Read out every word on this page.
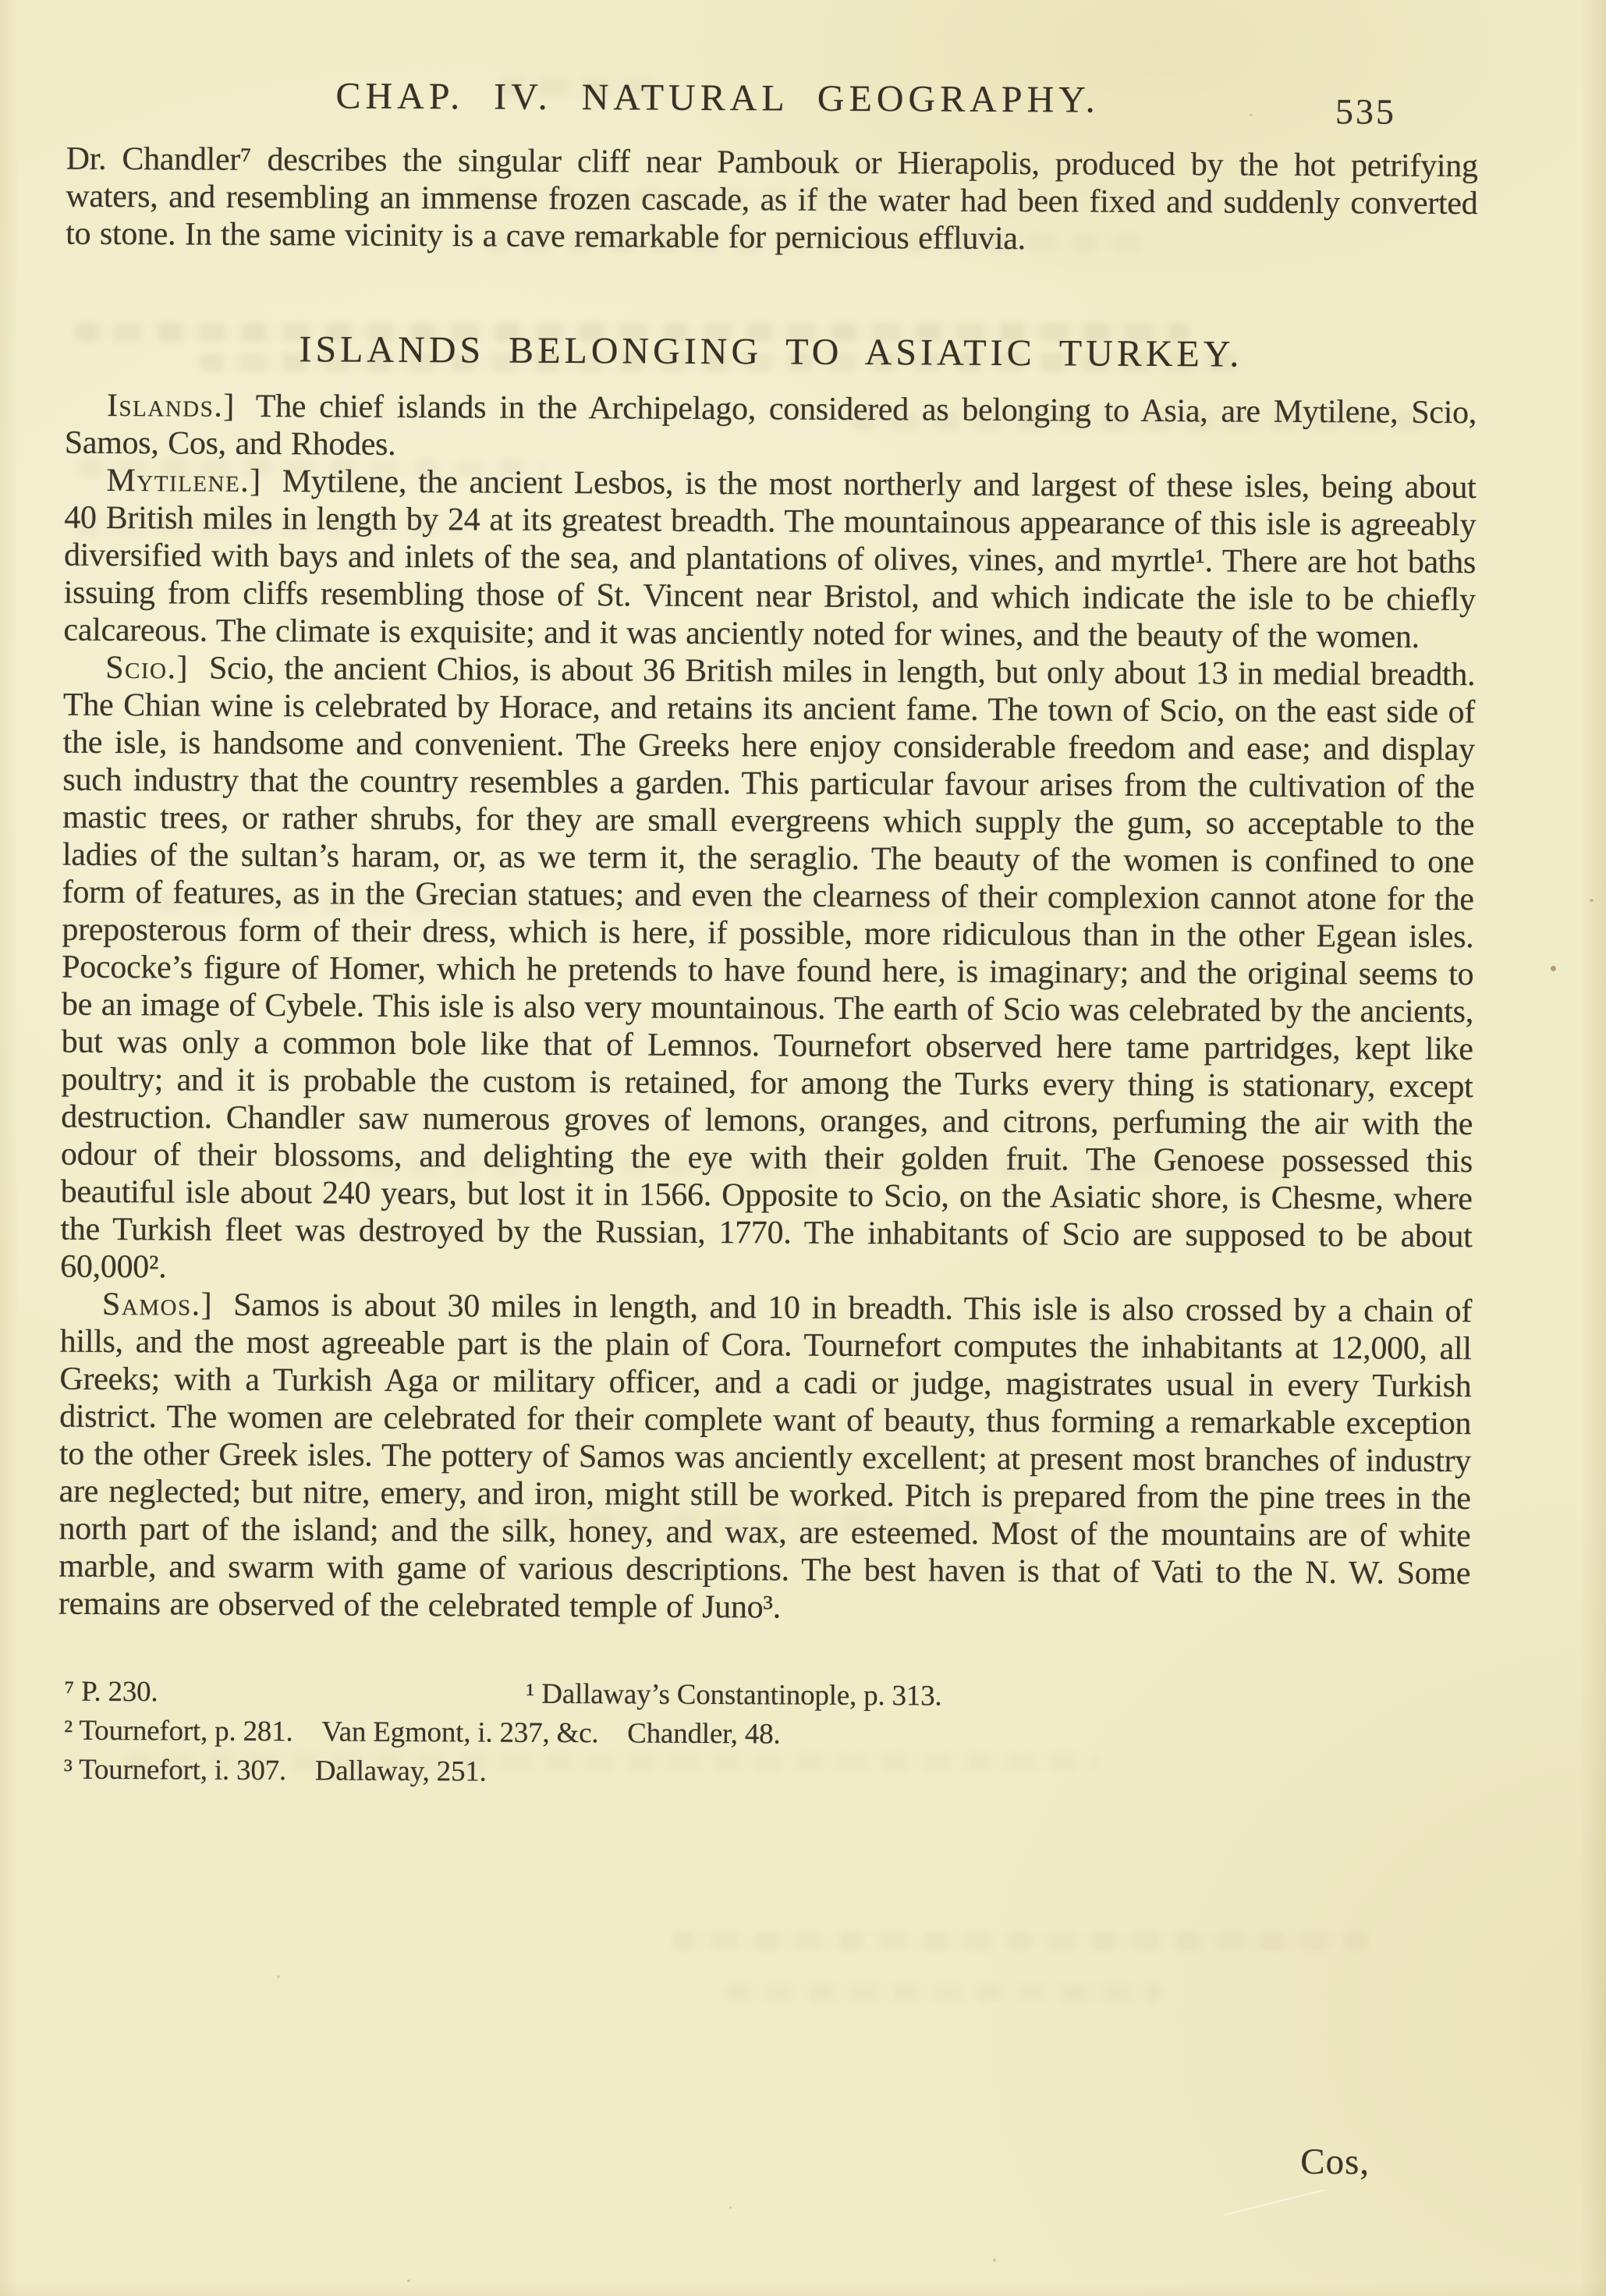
CHAP. IV. NATURAL GEOGRAPHY.	535

Dr. Chandler⁷ describes the singular cliff near Pambouk or Hierapolis, produced by the hot petrifying waters, and resembling an immense frozen cascade, as if the water had been fixed and suddenly converted to stone. In the same vicinity is a cave remarkable for pernicious effluvia.

ISLANDS BELONGING TO ASIATIC TURKEY.

Islands.] The chief islands in the Archipelago, considered as belonging to Asia, are Mytilene, Scio, Samos, Cos, and Rhodes.

Mytilene.] Mytilene, the ancient Lesbos, is the most northerly and largest of these isles, being about 40 British miles in length by 24 at its greatest breadth. The mountainous appearance of this isle is agreeably diversified with bays and inlets of the sea, and plantations of olives, vines, and myrtle¹. There are hot baths issuing from cliffs resembling those of St. Vincent near Bristol, and which indicate the isle to be chiefly calcareous. The climate is exquisite; and it was anciently noted for wines, and the beauty of the women.

Scio.] Scio, the ancient Chios, is about 36 British miles in length, but only about 13 in medial breadth. The Chian wine is celebrated by Horace, and retains its ancient fame. The town of Scio, on the east side of the isle, is handsome and convenient. The Greeks here enjoy considerable freedom and ease; and display such industry that the country resembles a garden. This particular favour arises from the cultivation of the mastic trees, or rather shrubs, for they are small evergreens which supply the gum, so acceptable to the ladies of the sultan’s haram, or, as we term it, the seraglio. The beauty of the women is confined to one form of features, as in the Grecian statues; and even the clearness of their complexion cannot atone for the preposterous form of their dress, which is here, if possible, more ridiculous than in the other Egean isles. Pococke’s figure of Homer, which he pretends to have found here, is imaginary; and the original seems to be an image of Cybele. This isle is also very mountainous. The earth of Scio was celebrated by the ancients, but was only a common bole like that of Lemnos. Tournefort observed here tame partridges, kept like poultry; and it is probable the custom is retained, for among the Turks every thing is stationary, except destruction. Chandler saw numerous groves of lemons, oranges, and citrons, perfuming the air with the odour of their blossoms, and delighting the eye with their golden fruit. The Genoese possessed this beautiful isle about 240 years, but lost it in 1566. Opposite to Scio, on the Asiatic shore, is Chesme, where the Turkish fleet was destroyed by the Russian, 1770. The inhabitants of Scio are supposed to be about 60,000².

Samos.] Samos is about 30 miles in length, and 10 in breadth. This isle is also crossed by a chain of hills, and the most agreeable part is the plain of Cora. Tournefort computes the inhabitants at 12,000, all Greeks; with a Turkish Aga or military officer, and a cadi or judge, magistrates usual in every Turkish district. The women are celebrated for their complete want of beauty, thus forming a remarkable exception to the other Greek isles. The pottery of Samos was anciently excellent; at present most branches of industry are neglected; but nitre, emery, and iron, might still be worked. Pitch is prepared from the pine trees in the north part of the island; and the silk, honey, and wax, are esteemed. Most of the mountains are of white marble, and swarm with game of various descriptions. The best haven is that of Vati to the N. W. Some remains are observed of the celebrated temple of Juno³.

⁷ P. 230.	¹ Dallaway’s Constantinople, p. 313.
² Tournefort, p. 281. Van Egmont, i. 237, &c. Chandler, 48.
³ Tournefort, i. 307. Dallaway, 251.
Cos,
